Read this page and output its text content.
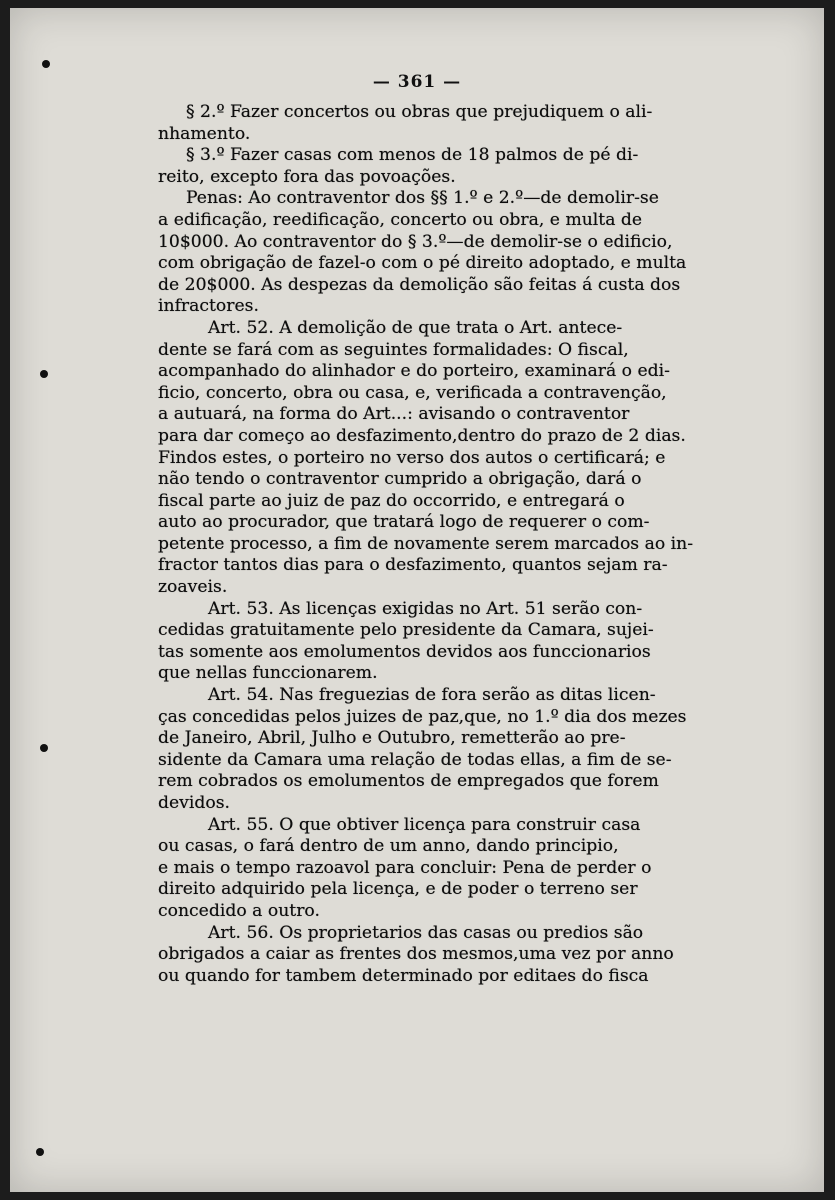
— 361 —

§ 2.º Fazer concertos ou obras que prejudiquem o ali-
nhamento.

§ 3.º Fazer casas com menos de 18 palmos de pé di-
reito, excepto fora das povoações.

Penas: Ao contraventor dos §§ 1.º e 2.º—de demolir-se
a edificação, reedificação, concerto ou obra, e multa de
10$000. Ao contraventor do § 3.º—de demolir-se o edificio,
com obrigação de fazel-o com o pé direito adoptado, e multa
de 20$000. As despezas da demolição são feitas á custa dos
infractores.

Art. 52. A demolição de que trata o Art. antece-
dente se fará com as seguintes formalidades: O fiscal,
acompanhado do alinhador e do porteiro, examinará o edi-
ficio, concerto, obra ou casa, e, verificada a contravenção,
a autuará, na forma do Art...: avisando o contraventor
para dar começo ao desfazimento,dentro do prazo de 2 dias.
Findos estes, o porteiro no verso dos autos o certificará; e
não tendo o contraventor cumprido a obrigação, dará o
fiscal parte ao juiz de paz do occorrido, e entregará o
auto ao procurador, que tratará logo de requerer o com-
petente processo, a fim de novamente serem marcados ao in-
fractor tantos dias para o desfazimento, quantos sejam ra-
zoaveis.

Art. 53. As licenças exigidas no Art. 51 serão con-
cedidas gratuitamente pelo presidente da Camara, sujei-
tas somente aos emolumentos devidos aos funccionarios
que nellas funccionarem.

Art. 54. Nas freguezias de fora serão as ditas licen-
ças concedidas pelos juizes de paz,que, no 1.º dia dos mezes
de Janeiro, Abril, Julho e Outubro, remetterão ao pre-
sidente da Camara uma relação de todas ellas, a fim de se-
rem cobrados os emolumentos de empregados que forem
devidos.

Art. 55. O que obtiver licença para construir casa
ou casas, o fará dentro de um anno, dando principio,
e mais o tempo razoavol para concluir: Pena de perder o
direito adquirido pela licença, e de poder o terreno ser
concedido a outro.

Art. 56. Os proprietarios das casas ou predios são
obrigados a caiar as frentes dos mesmos,uma vez por anno
ou quando for tambem determinado por editaes do fisca
